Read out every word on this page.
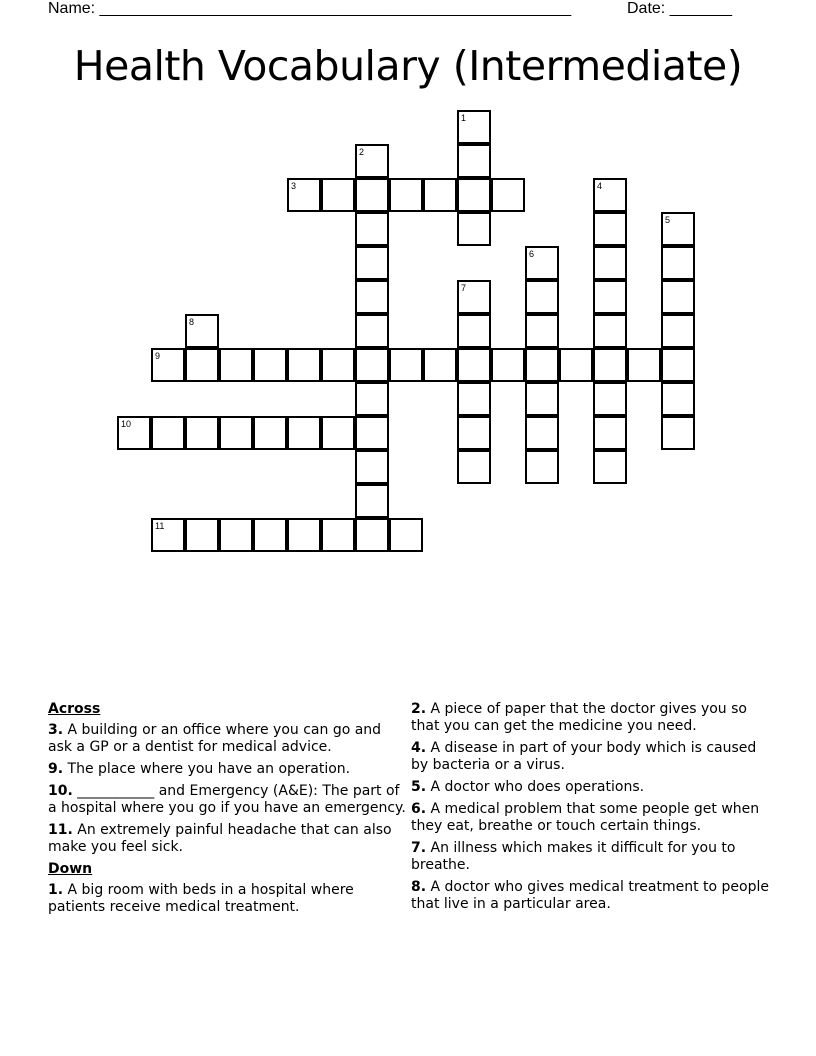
Name: _____________________________________________________	Date: _______
Health Vocabulary (Intermediate)
1
2
3	4
5
6
7
8
9
10
11
Across
3. A building or an office where you can go and ask a GP or a dentist for medical advice.
9. The place where you have an operation.
10. ___________ and Emergency (A&E): The part of a hospital where you go if you have an emergency.
11. An extremely painful headache that can also make you feel sick.
Down
1. A big room with beds in a hospital where patients receive medical treatment.
2. A piece of paper that the doctor gives you so that you can get the medicine you need.
4. A disease in part of your body which is caused by bacteria or a virus.
5. A doctor who does operations.
6. A medical problem that some people get when they eat, breathe or touch certain things.
7. An illness which makes it difficult for you to breathe.
8. A doctor who gives medical treatment to people that live in a particular area.
